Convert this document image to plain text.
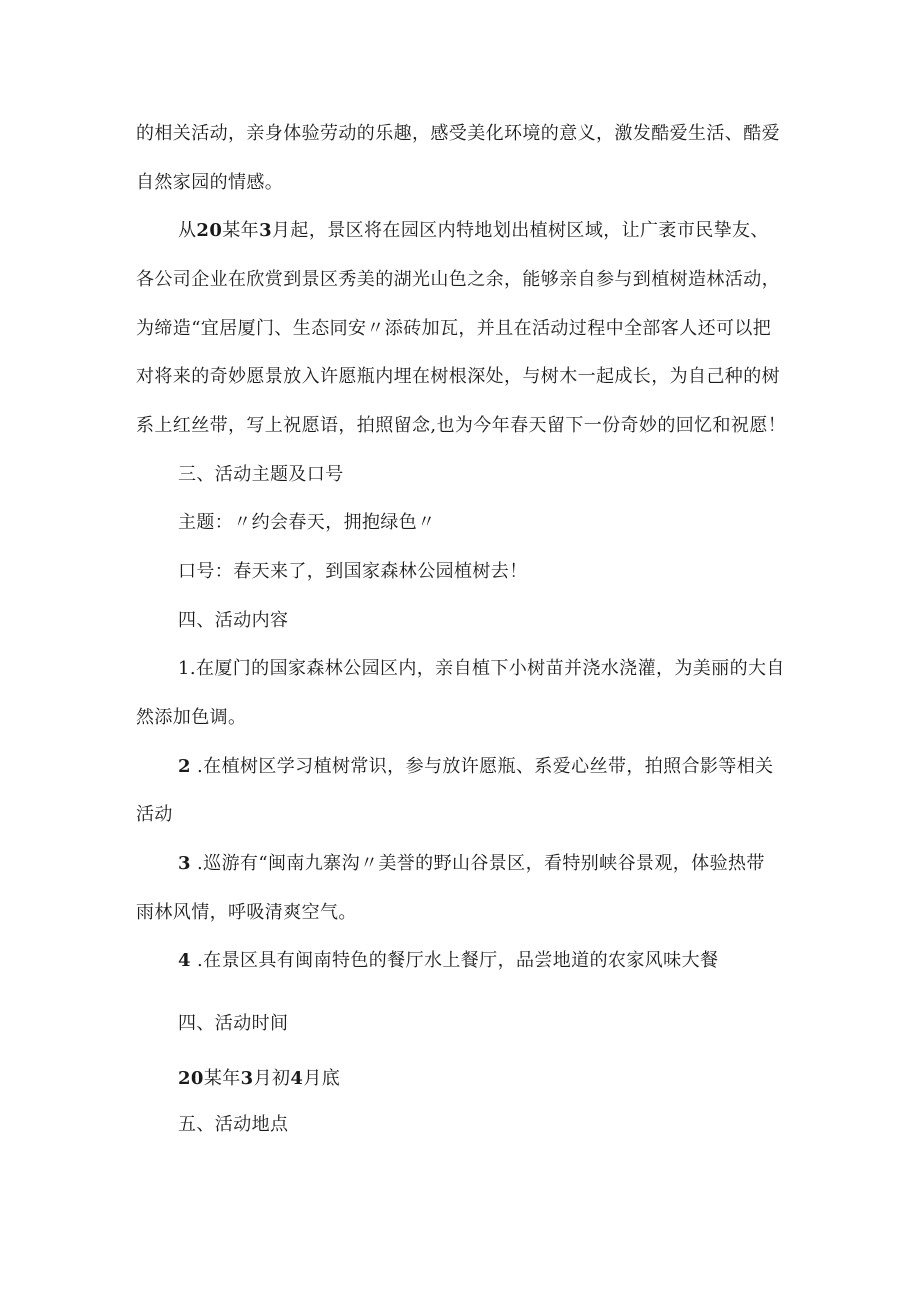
的相关活动，亲身体验劳动的乐趣，感受美化环境的意义，激发酷爱生活、酷爱
自然家园的情感。
从20某年3月起，景区将在园区内特地划出植树区域，让广袤市民挚友、
各公司企业在欣赏到景区秀美的湖光山色之余，能够亲自参与到植树造林活动，
为缔造“宜居厦门、生态同安〃添砖加瓦，并且在活动过程中全部客人还可以把
对将来的奇妙愿景放入许愿瓶内埋在树根深处，与树木一起成长，为自己种的树
系上红丝带，写上祝愿语，拍照留念,也为今年春天留下一份奇妙的回忆和祝愿！
三、活动主题及口号
主题：〃约会春天，拥抱绿色〃
口号：春天来了，到国家森林公园植树去！
四、活动内容
1.在厦门的国家森林公园区内，亲自植下小树苗并浇水浇灌，为美丽的大自
然添加色调。
2 .在植树区学习植树常识，参与放许愿瓶、系爱心丝带，拍照合影等相关
活动
3 .巡游有“闽南九寨沟〃美誉的野山谷景区，看特别峡谷景观，体验热带
雨林风情，呼吸清爽空气。
4 .在景区具有闽南特色的餐厅水上餐厅，品尝地道的农家风味大餐
四、活动时间
20某年3月初4月底
五、活动地点
